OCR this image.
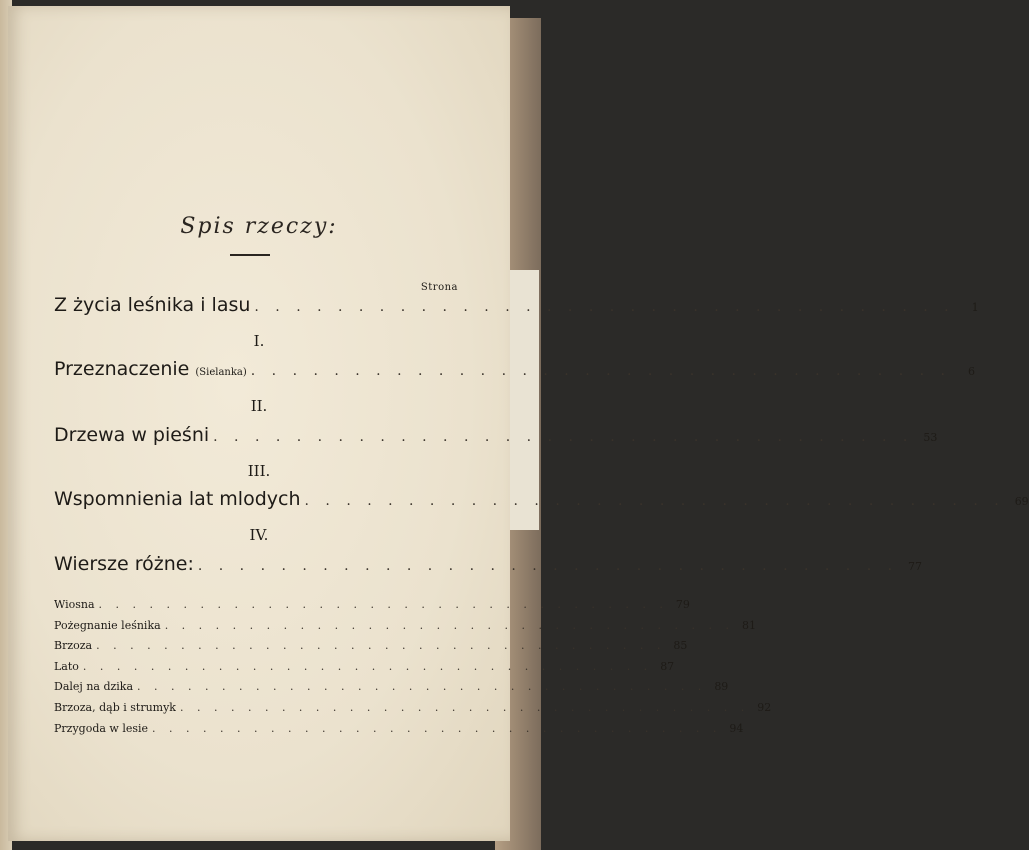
Spis rzeczy:
Strona
Z życia leśnika i lasu . . . . . . . . . . . . . . . . . . . . . . . . . . . . . . . . . .	1
I.
Przeznaczenie (Sielanka) . . . . . . . . . . . . . . . . . . . . . . . . . . . . . . . . . .	6
II.
Drzewa w pieśni . . . . . . . . . . . . . . . . . . . . . . . . . . . . . . . . . . 53
III.
Wspomnienia lat mlodych . . . . . . . . . . . . . . . . . . . . . . . . . . . . . . . . . . 69
IV.
Wiersze różne: . . . . . . . . . . . . . . . . . . . . . . . . . . . . . . . . . . 77
Wiosna . . . . . . . . . . . . . . . . . . . . . . . . . . . . . . . . . . 79
Pożegnanie leśnika . . . . . . . . . . . . . . . . . . . . . . . . . . . . . . . . . . 81
Brzoza . . . . . . . . . . . . . . . . . . . . . . . . . . . . . . . . . . 85
Lato . . . . . . . . . . . . . . . . . . . . . . . . . . . . . . . . . . 87
Dalej na dzika . . . . . . . . . . . . . . . . . . . . . . . . . . . . . . . . . . 89
Brzoza, dąb i strumyk . . . . . . . . . . . . . . . . . . . . . . . . . . . . . . . . . . 92
Przygoda w lesie . . . . . . . . . . . . . . . . . . . . . . . . . . . . . . . . . . 94
